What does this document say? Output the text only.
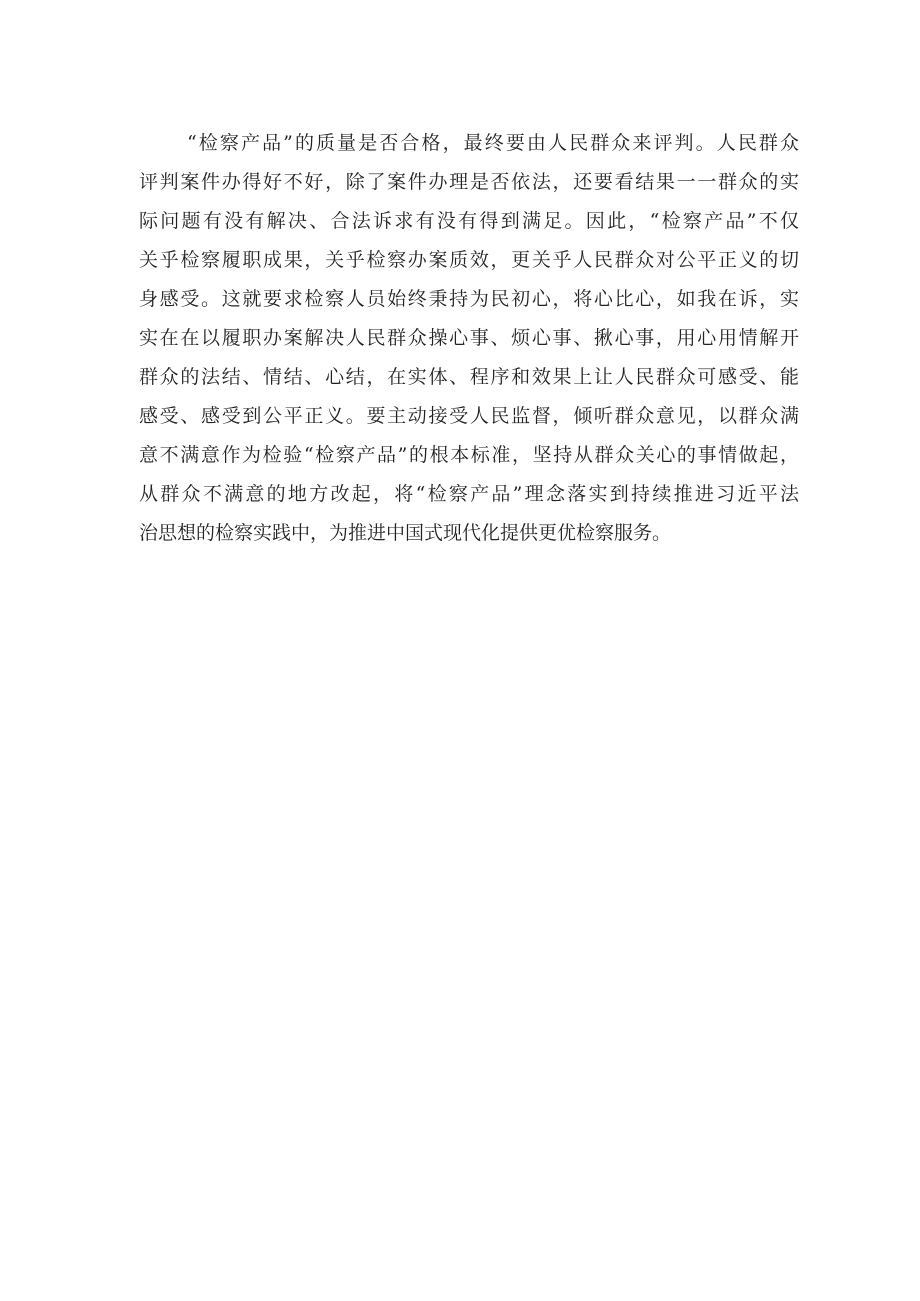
“检察产品”的质量是否合格，最终要由人民群众来评判。人民群众
评判案件办得好不好，除了案件办理是否依法，还要看结果一一群众的实
际问题有没有解决、合法诉求有没有得到满足。因此，“检察产品”不仅
关乎检察履职成果，关乎检察办案质效，更关乎人民群众对公平正义的切
身感受。这就要求检察人员始终秉持为民初心，将心比心，如我在诉，实
实在在以履职办案解决人民群众操心事、烦心事、揪心事，用心用情解开
群众的法结、情结、心结，在实体、程序和效果上让人民群众可感受、能
感受、感受到公平正义。要主动接受人民监督，倾听群众意见，以群众满
意不满意作为检验“检察产品”的根本标准，坚持从群众关心的事情做起，
从群众不满意的地方改起，将“检察产品”理念落实到持续推进习近平法
治思想的检察实践中，为推进中国式现代化提供更优检察服务。
